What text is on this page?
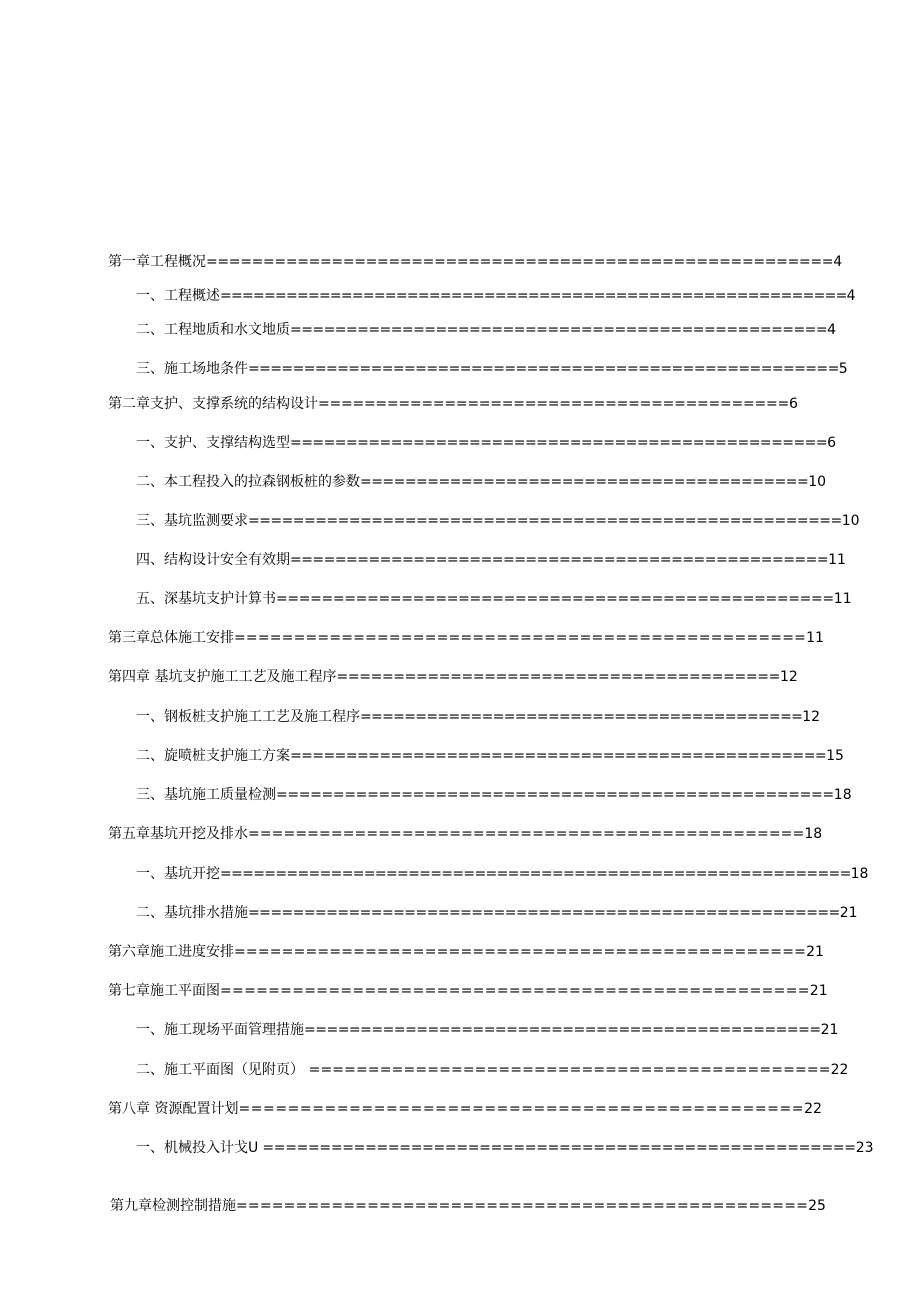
第一章工程概况=======================================================4
一、工程概述=========================================================4
二、工程地质和水文地质================================================4
三、施工场地条件=====================================================5
第二章支护、支撑系统的结构设计=========================================6
一、支护、支撑结构选型================================================6
二、本工程投入的拉森钢板桩的参数========================================10
三、基坑监测要求=====================================================10
四、结构设计安全有效期================================================11
五、深基坑支护计算书=================================================11
第三章总体施工安排================================================11
第四章 基坑支护施工工艺及施工程序=======================================12
一、钢板桩支护施工工艺及施工程序========================================12
二、旋喷桩支护施工方案================================================15
三、基坑施工质量检测=================================================18
第五章基坑开挖及排水===============================================18
一、基坑开挖=========================================================18
二、基坑排水措施=====================================================21
第六章施工进度安排================================================21
第七章施工平面图=================================================21
一、施工现场平面管理措施==============================================21
二、施工平面图（见附页） ============================================22
第八章 资源配置计划==============================================22
一、机械投入计戈U ====================================================23
第九章检测控制措施================================================25
